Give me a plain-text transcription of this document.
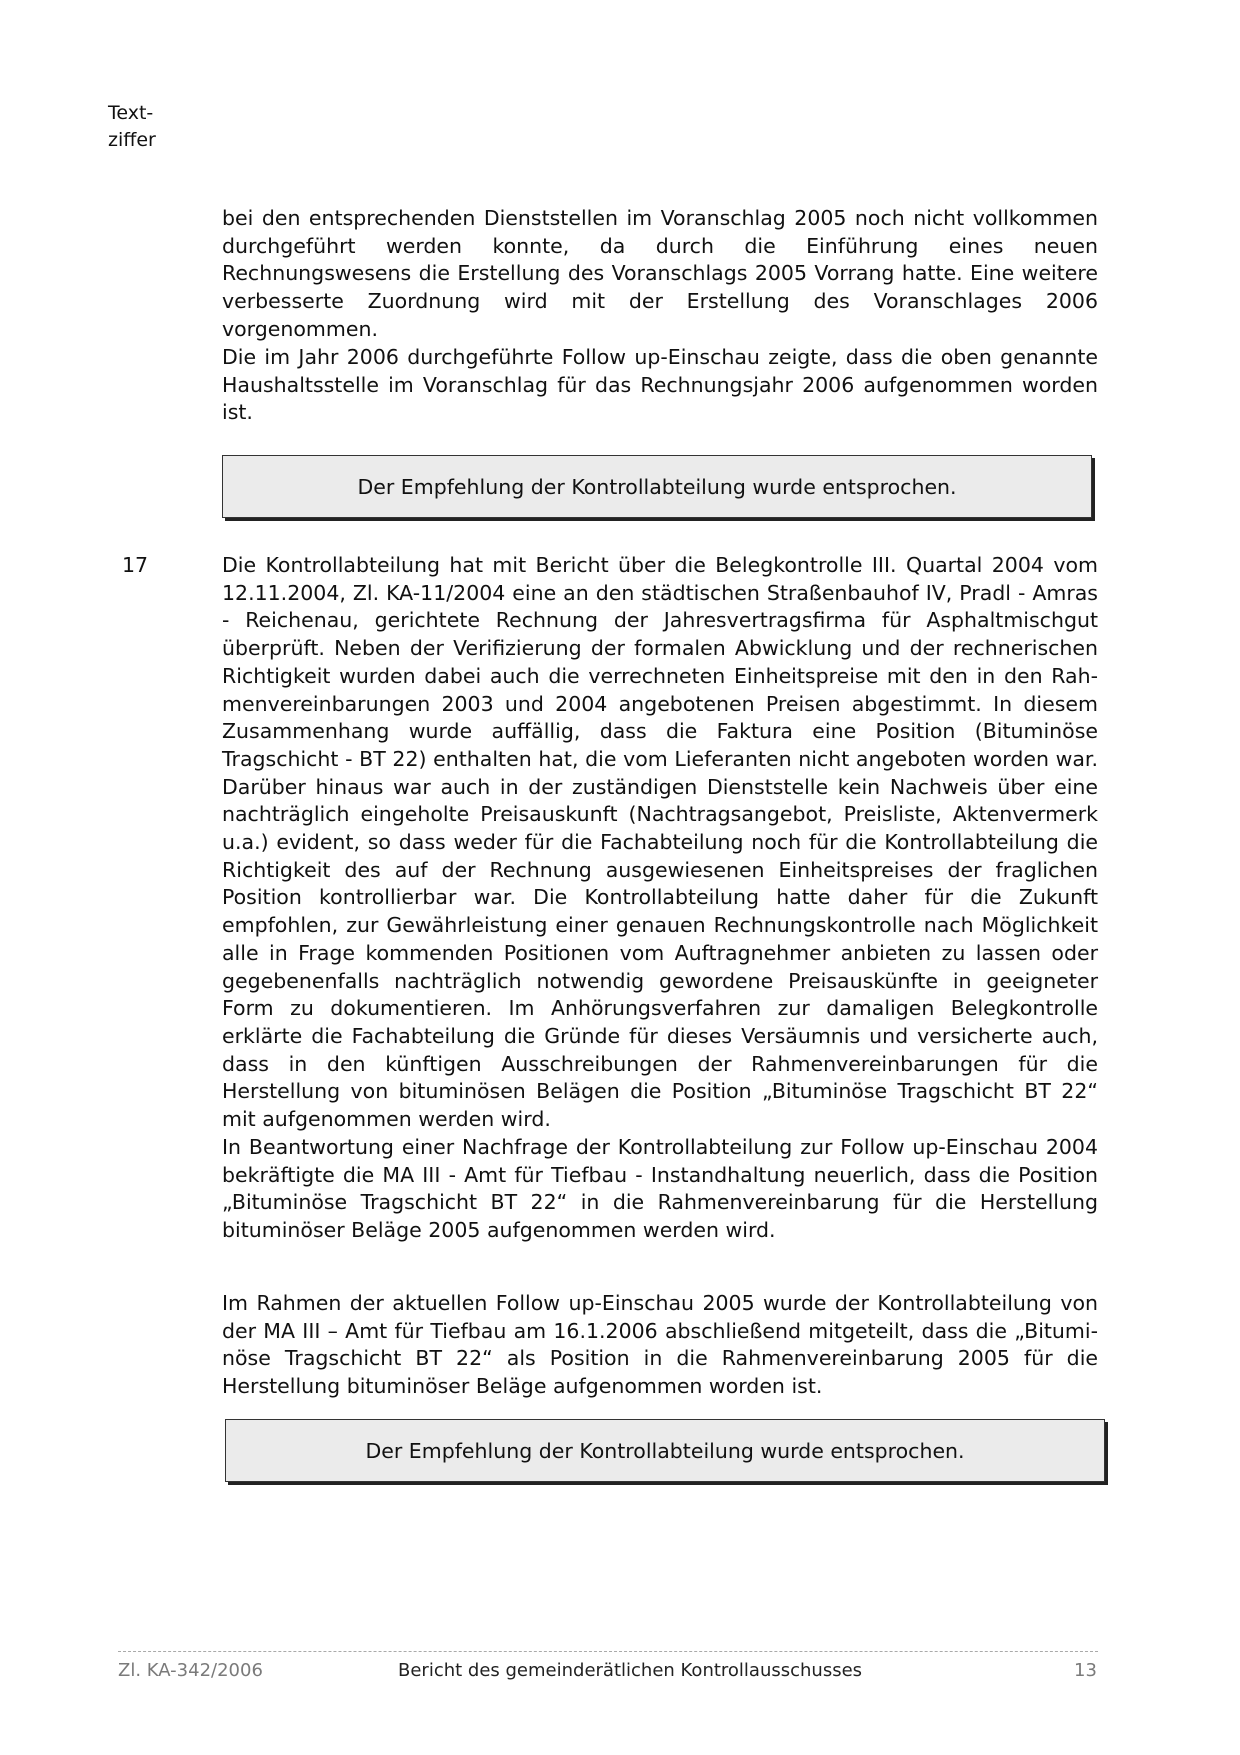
Text-
ziffer
bei den entsprechenden Dienststellen im Voranschlag 2005 noch nicht vollkommen durchgeführt werden konnte, da durch die Einführung eines neuen Rechnungswesens die Erstellung des Voranschlags 2005 Vorrang hatte. Eine weitere verbesserte Zuordnung wird mit der Erstellung des Voranschlages 2006 vorgenommen.
Die im Jahr 2006 durchgeführte Follow up-Einschau zeigte, dass die oben genannte Haushaltsstelle im Voranschlag für das Rechnungsjahr 2006 aufgenommen worden ist.
Der Empfehlung der Kontrollabteilung wurde entsprochen.
17	Die Kontrollabteilung hat mit Bericht über die Belegkontrolle III. Quartal 2004 vom 12.11.2004, Zl. KA-11/2004 eine an den städtischen Straßenbauhof IV, Pradl - Amras - Reichenau, gerichtete Rechnung der Jahresvertragsfirma für Asphaltmischgut überprüft. Neben der Verifizierung der formalen Abwicklung und der rechnerischen Richtigkeit wurden dabei auch die verrechneten Einheitspreise mit den in den Rahmenvereinbarungen 2003 und 2004 angebotenen Preisen abgestimmt. In diesem Zusammenhang wurde auffällig, dass die Faktura eine Position (Bituminöse Tragschicht - BT 22) enthalten hat, die vom Lieferanten nicht angeboten worden war. Darüber hinaus war auch in der zuständigen Dienststelle kein Nachweis über eine nachträglich eingeholte Preisauskunft (Nachtragsangebot, Preisliste, Aktenvermerk u.a.) evident, so dass weder für die Fachabteilung noch für die Kontrollabteilung die Richtigkeit des auf der Rechnung ausgewiesenen Einheitspreises der fraglichen Position kontrollierbar war. Die Kontrollabteilung hatte daher für die Zukunft empfohlen, zur Gewährleistung einer genauen Rechnungskontrolle nach Möglichkeit alle in Frage kommenden Positionen vom Auftragnehmer anbieten zu lassen oder gegebenenfalls nachträglich notwendig gewordene Preisauskünfte in geeigneter Form zu dokumentieren. Im Anhörungsverfahren zur damaligen Belegkontrolle erklärte die Fachabteilung die Gründe für dieses Versäumnis und versicherte auch, dass in den künftigen Ausschreibungen der Rahmenvereinbarungen für die Herstellung von bituminösen Belägen die Position „Bituminöse Tragschicht BT 22“ mit aufgenommen werden wird.
In Beantwortung einer Nachfrage der Kontrollabteilung zur Follow up-Einschau 2004 bekräftigte die MA III - Amt für Tiefbau - Instandhaltung neuerlich, dass die Position „Bituminöse Tragschicht BT 22“ in die Rahmenvereinbarung für die Herstellung bituminöser Beläge 2005 aufgenommen werden wird.
Im Rahmen der aktuellen Follow up-Einschau 2005 wurde der Kontrollabteilung von der MA III – Amt für Tiefbau am 16.1.2006 abschließend mitgeteilt, dass die „Bituminöse Tragschicht BT 22“ als Position in die Rahmenvereinbarung 2005 für die Herstellung bituminöser Beläge aufgenommen worden ist.
Der Empfehlung der Kontrollabteilung wurde entsprochen.
Zl. KA-342/2006	Bericht des gemeinderätlichen Kontrollausschusses	13
